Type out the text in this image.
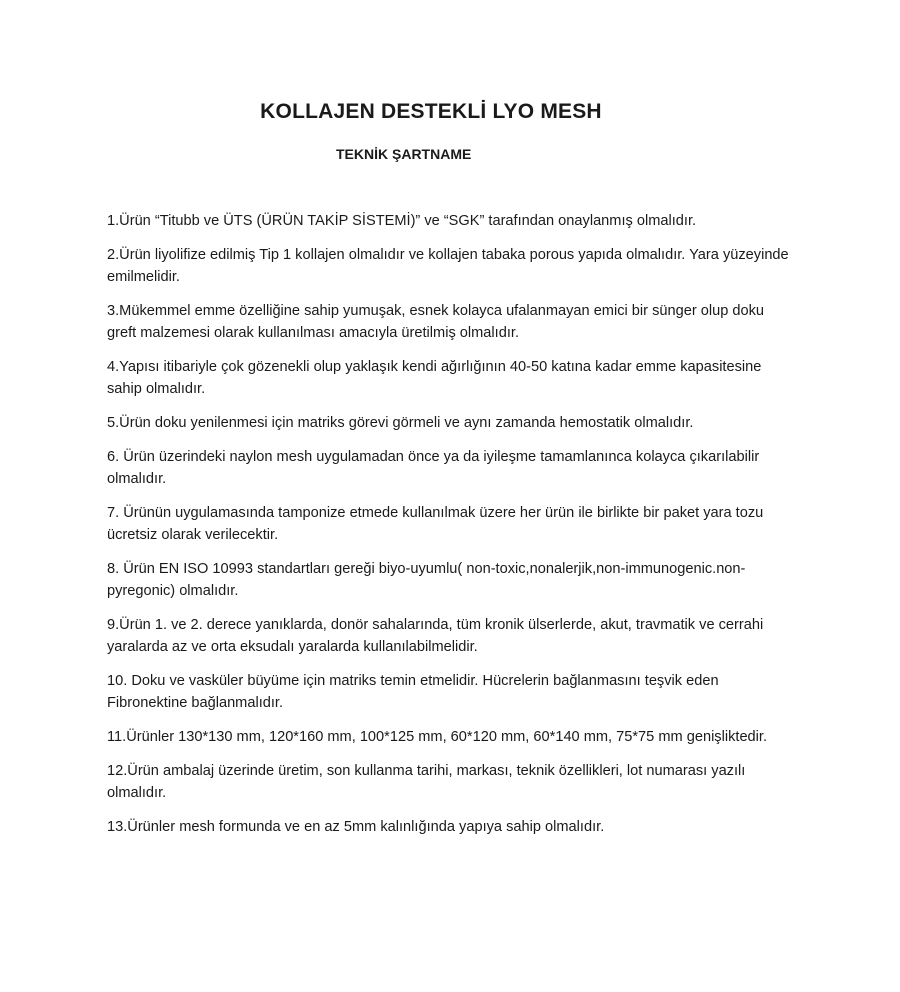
KOLLAJEN DESTEKLİ LYO MESH
TEKNİK ŞARTNAME
1.Ürün “Titubb ve ÜTS (ÜRÜN TAKİP SİSTEMİ)” ve “SGK” tarafından onaylanmış olmalıdır.
2.Ürün liyolifize edilmiş Tip 1 kollajen olmalıdır ve kollajen tabaka porous yapıda olmalıdır. Yara yüzeyinde emilmelidir.
3.Mükemmel emme özelliğine sahip yumuşak, esnek kolayca ufalanmayan emici bir sünger olup doku greft malzemesi olarak kullanılması amacıyla üretilmiş olmalıdır.
4.Yapısı itibariyle çok gözenekli olup yaklaşık kendi ağırlığının 40-50 katına kadar emme kapasitesine sahip olmalıdır.
5.Ürün doku yenilenmesi için matriks görevi görmeli ve aynı zamanda hemostatik olmalıdır.
6. Ürün üzerindeki naylon mesh uygulamadan önce ya da iyileşme tamamlanınca kolayca çıkarılabilir olmalıdır.
7. Ürünün uygulamasında tamponize etmede kullanılmak üzere her ürün ile birlikte bir paket yara tozu ücretsiz olarak verilecektir.
8. Ürün EN ISO 10993 standartları gereği biyo-uyumlu( non-toxic,nonalerjik,non-immunogenic.non-pyregonic) olmalıdır.
9.Ürün 1. ve 2. derece yanıklarda, donör sahalarında, tüm kronik ülserlerde, akut, travmatik ve cerrahi yaralarda az ve orta eksudalı yaralarda kullanılabilmelidir.
10. Doku ve vasküler büyüme için matriks temin etmelidir. Hücrelerin bağlanmasını teşvik eden Fibronektine bağlanmalıdır.
11.Ürünler 130*130 mm, 120*160 mm, 100*125 mm, 60*120 mm, 60*140 mm, 75*75 mm genişliktedir.
12.Ürün ambalaj üzerinde üretim, son kullanma tarihi, markası, teknik özellikleri, lot numarası yazılı olmalıdır.
13.Ürünler mesh formunda ve en az 5mm kalınlığında yapıya sahip olmalıdır.
